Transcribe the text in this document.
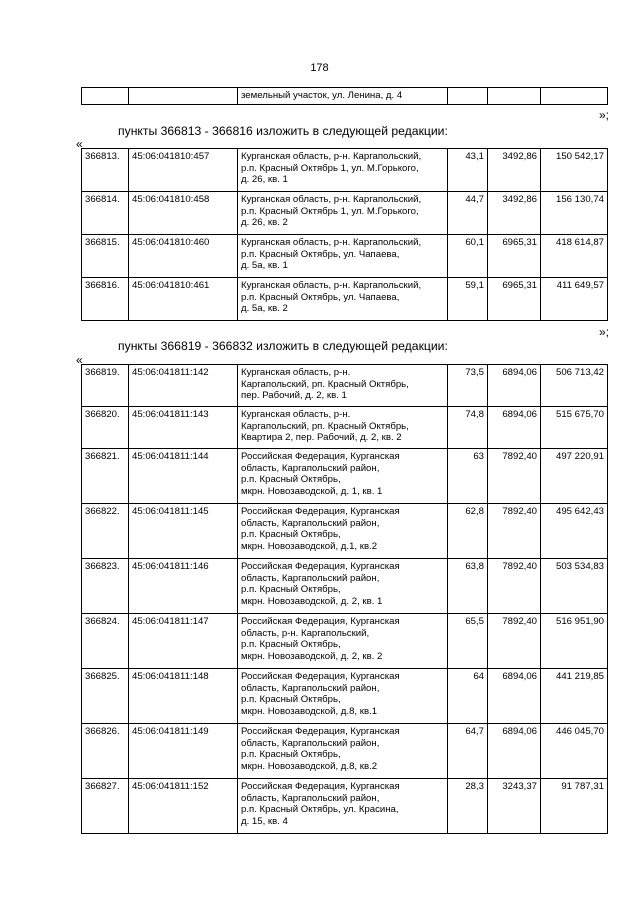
178
		земельный участок, ул. Ленина, д. 4			
»;
пункты 366813 - 366816 изложить в следующей редакции:
«
366813.	45:06:041810:457	Курганская область, р-н. Каргапольский,
р.п. Красный Октябрь 1, ул. М.Горького,
д. 26, кв. 1	43,1	3492,86	150 542,17
366814.	45:06:041810:458	Курганская область, р-н. Каргапольский,
р.п. Красный Октябрь 1, ул. М.Горького,
д. 26, кв. 2	44,7	3492,86	156 130,74
366815.	45:06:041810:460	Курганская область, р-н. Каргапольский,
р.п. Красный Октябрь, ул. Чапаева,
д. 5а, кв. 1	60,1	6965,31	418 614,87
366816.	45:06:041810:461	Курганская область, р-н. Каргапольский,
р.п. Красный Октябрь, ул. Чапаева,
д. 5а, кв. 2	59,1	6965,31	411 649,57
»;
пункты 366819 - 366832 изложить в следующей редакции:
«
366819.	45:06:041811:142	Курганская область, р-н.
Каргапольский, рп. Красный Октябрь,
пер. Рабочий, д. 2, кв. 1	73,5	6894,06	506 713,42
366820.	45:06:041811:143	Курганская область, р-н.
Каргапольский, рп. Красный Октябрь,
Квартира 2, пер. Рабочий, д. 2, кв. 2	74,8	6894,06	515 675,70
366821.	45:06:041811:144	Российская Федерация, Курганская
область, Каргапольский район,
р.п. Красный Октябрь,
мкрн. Новозаводской, д. 1, кв. 1	63	7892,40	497 220,91
366822.	45:06:041811:145	Российская Федерация, Курганская
область, Каргапольский район,
р.п. Красный Октябрь,
мкрн. Новозаводской, д.1, кв.2	62,8	7892,40	495 642,43
366823.	45:06:041811:146	Российская Федерация, Курганская
область, Каргапольский район,
р.п. Красный Октябрь,
мкрн. Новозаводской, д. 2, кв. 1	63,8	7892,40	503 534,83
366824.	45:06:041811:147	Российская Федерация, Курганская
область, р-н. Каргапольский,
р.п. Красный Октябрь,
мкрн. Новозаводской, д. 2, кв. 2	65,5	7892,40	516 951,90
366825.	45:06:041811:148	Российская Федерация, Курганская
область, Каргапольский район,
р.п. Красный Октябрь,
мкрн. Новозаводской, д.8, кв.1	64	6894,06	441 219,85
366826.	45:06:041811:149	Российская Федерация, Курганская
область, Каргапольский район,
р.п. Красный Октябрь,
мкрн. Новозаводской, д.8, кв.2	64,7	6894,06	446 045,70
366827.	45:06:041811:152	Российская Федерация, Курганская
область, Каргапольский район,
р.п. Красный Октябрь, ул. Красина,
д. 15, кв. 4	28,3	3243,37	91 787,31
